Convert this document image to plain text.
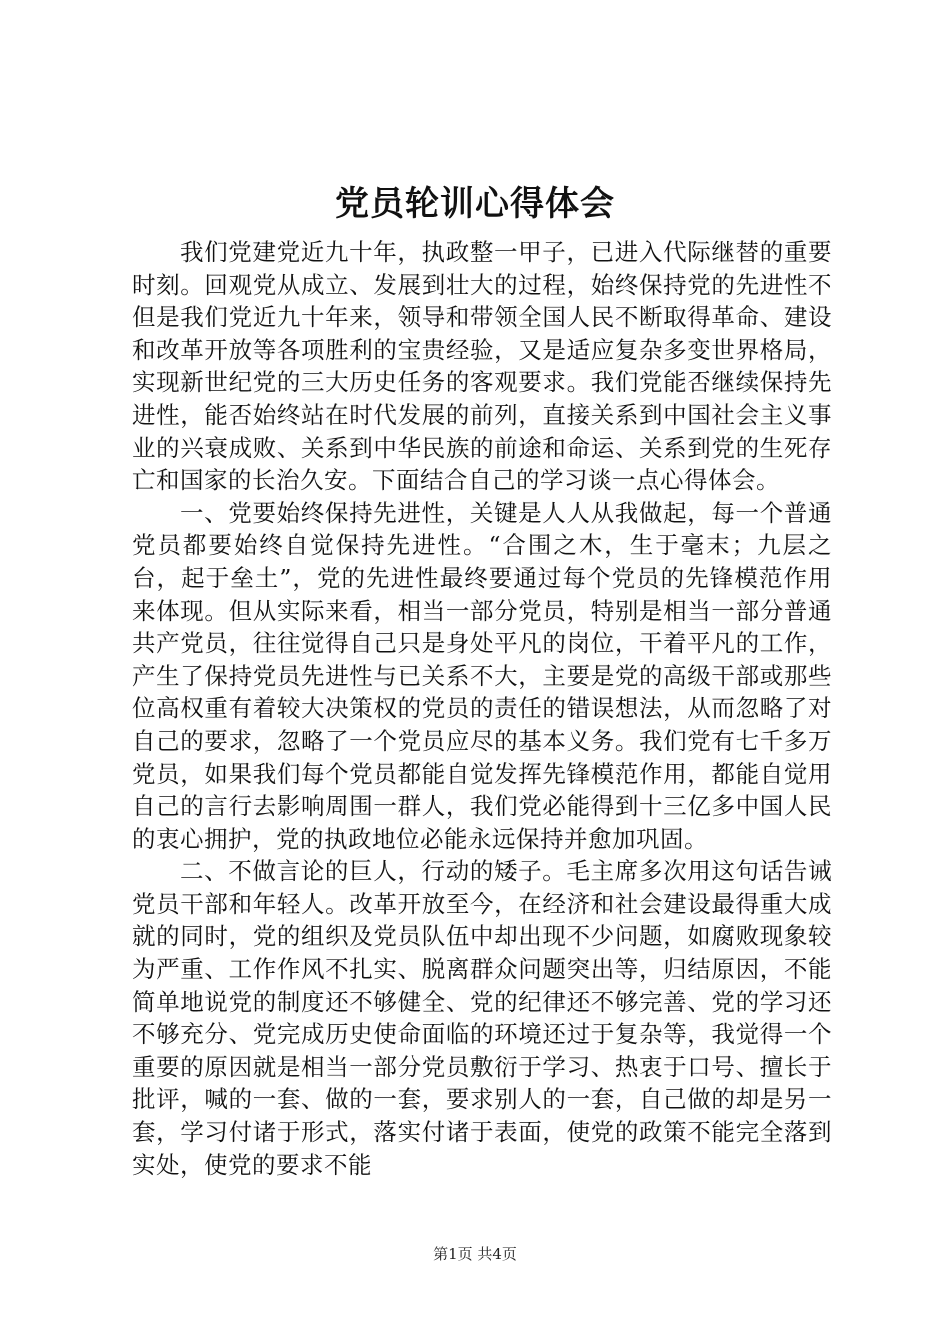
党员轮训心得体会

我们党建党近九十年，执政整一甲子，已进入代际继替的重要时刻。回观党从成立、发展到壮大的过程，始终保持党的先进性不但是我们党近九十年来，领导和带领全国人民不断取得革命、建设和改革开放等各项胜利的宝贵经验，又是适应复杂多变世界格局，实现新世纪党的三大历史任务的客观要求。我们党能否继续保持先进性，能否始终站在时代发展的前列，直接关系到中国社会主义事业的兴衰成败、关系到中华民族的前途和命运、关系到党的生死存亡和国家的长治久安。下面结合自己的学习谈一点心得体会。

一、党要始终保持先进性，关键是人人从我做起，每一个普通党员都要始终自觉保持先进性。“合围之木，生于毫末；九层之台，起于垒土”，党的先进性最终要通过每个党员的先锋模范作用来体现。但从实际来看，相当一部分党员，特别是相当一部分普通共产党员，往往觉得自己只是身处平凡的岗位，干着平凡的工作，产生了保持党员先进性与已关系不大，主要是党的高级干部或那些位高权重有着较大决策权的党员的责任的错误想法，从而忽略了对自己的要求，忽略了一个党员应尽的基本义务。我们党有七千多万党员，如果我们每个党员都能自觉发挥先锋模范作用，都能自觉用自己的言行去影响周围一群人，我们党必能得到十三亿多中国人民的衷心拥护，党的执政地位必能永远保持并愈加巩固。

二、不做言论的巨人，行动的矮子。毛主席多次用这句话告诫党员干部和年轻人。改革开放至今，在经济和社会建设最得重大成就的同时，党的组织及党员队伍中却出现不少问题，如腐败现象较为严重、工作作风不扎实、脱离群众问题突出等，归结原因，不能简单地说党的制度还不够健全、党的纪律还不够完善、党的学习还不够充分、党完成历史使命面临的环境还过于复杂等，我觉得一个重要的原因就是相当一部分党员敷衍于学习、热衷于口号、擅长于批评，喊的一套、做的一套，要求别人的一套，自己做的却是另一套，学习付诸于形式，落实付诸于表面，使党的政策不能完全落到实处，使党的要求不能

第1页 共4页
